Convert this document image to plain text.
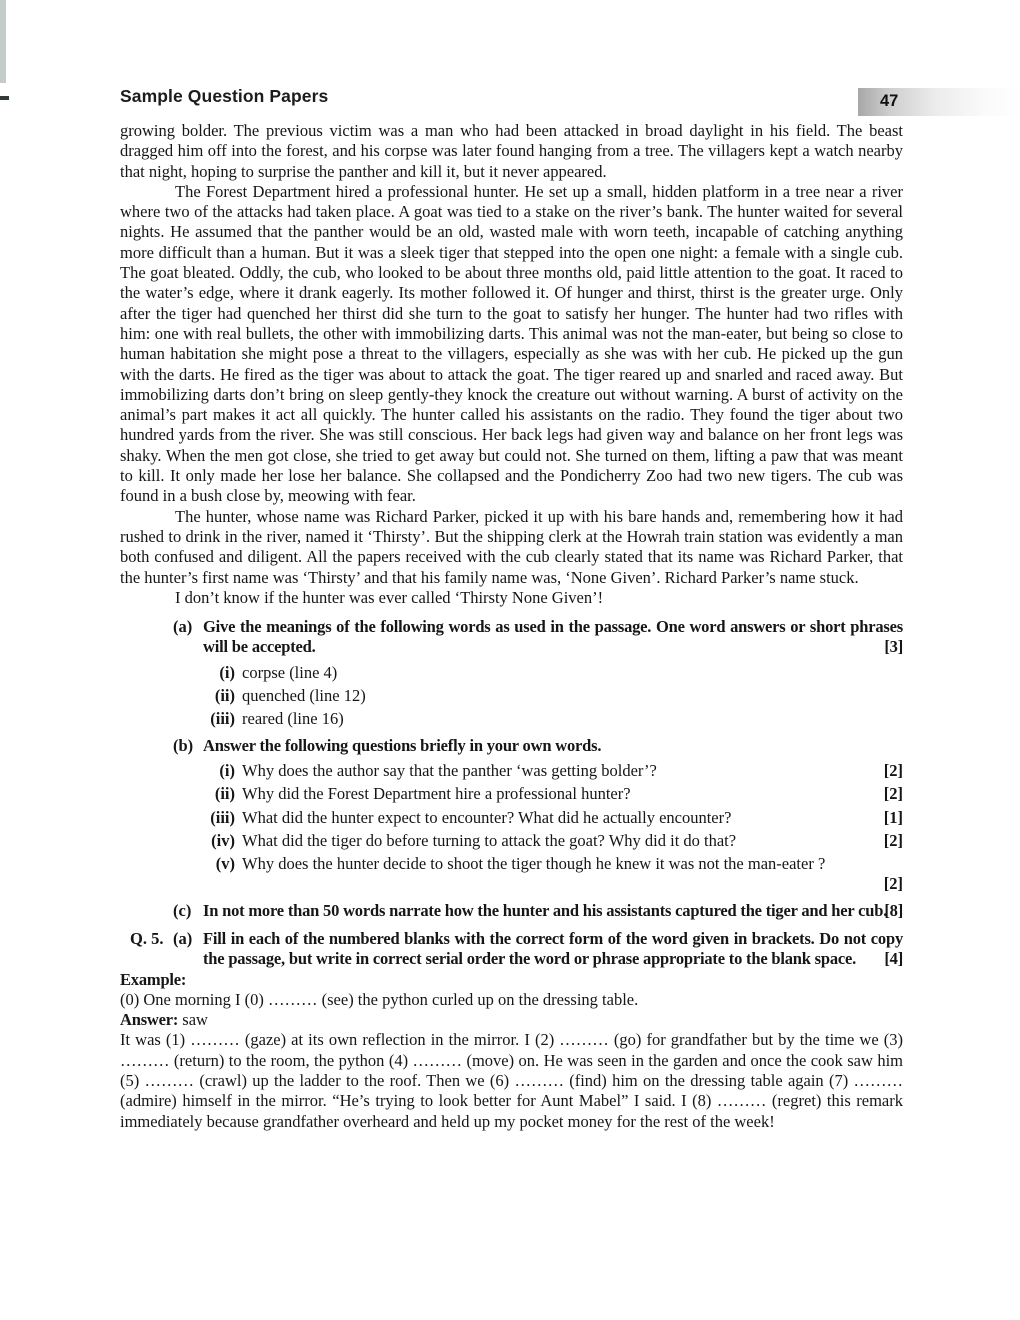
Sample Question Papers	47

growing bolder. The previous victim was a man who had been attacked in broad daylight in his field. The beast dragged him off into the forest, and his corpse was later found hanging from a tree. The villagers kept a watch nearby that night, hoping to surprise the panther and kill it, but it never appeared.

The Forest Department hired a professional hunter. He set up a small, hidden platform in a tree near a river where two of the attacks had taken place. A goat was tied to a stake on the river’s bank. The hunter waited for several nights. He assumed that the panther would be an old, wasted male with worn teeth, incapable of catching anything more difficult than a human. But it was a sleek tiger that stepped into the open one night: a female with a single cub. The goat bleated. Oddly, the cub, who looked to be about three months old, paid little attention to the goat. It raced to the water’s edge, where it drank eagerly. Its mother followed it. Of hunger and thirst, thirst is the greater urge. Only after the tiger had quenched her thirst did she turn to the goat to satisfy her hunger. The hunter had two rifles with him: one with real bullets, the other with immobilizing darts. This animal was not the man-eater, but being so close to human habitation she might pose a threat to the villagers, especially as she was with her cub. He picked up the gun with the darts. He fired as the tiger was about to attack the goat. The tiger reared up and snarled and raced away. But immobilizing darts don’t bring on sleep gently-they knock the creature out without warning. A burst of activity on the animal’s part makes it act all quickly. The hunter called his assistants on the radio. They found the tiger about two hundred yards from the river. She was still conscious. Her back legs had given way and balance on her front legs was shaky. When the men got close, she tried to get away but could not. She turned on them, lifting a paw that was meant to kill. It only made her lose her balance. She collapsed and the Pondicherry Zoo had two new tigers. The cub was found in a bush close by, meowing with fear.

The hunter, whose name was Richard Parker, picked it up with his bare hands and, remembering how it had rushed to drink in the river, named it ‘Thirsty’. But the shipping clerk at the Howrah train station was evidently a man both confused and diligent. All the papers received with the cub clearly stated that its name was Richard Parker, that the hunter’s first name was ‘Thirsty’ and that his family name was, ‘None Given’. Richard Parker’s name stuck.

I don’t know if the hunter was ever called ‘Thirsty None Given’!

(a) Give the meanings of the following words as used in the passage. One word answers or short phrases will be accepted.	[3]
(i) corpse (line 4)
(ii) quenched (line 12)
(iii) reared (line 16)
(b) Answer the following questions briefly in your own words.
(i) Why does the author say that the panther ‘was getting bolder’?	[2]
(ii) Why did the Forest Department hire a professional hunter?	[2]
(iii) What did the hunter expect to encounter? What did he actually encounter?	[1]
(iv) What did the tiger do before turning to attack the goat? Why did it do that?	[2]
(v) Why does the hunter decide to shoot the tiger though he knew it was not the man-eater ?
[2]
(c) In not more than 50 words narrate how the hunter and his assistants captured the tiger and her cub.
[8]
Q. 5. (a) Fill in each of the numbered blanks with the correct form of the word given in brackets. Do not copy the passage, but write in correct serial order the word or phrase appropriate to the blank space. [4]

Example:

(0) One morning I (0) ……… (see) the python curled up on the dressing table.

Answer: saw

It was (1) ……… (gaze) at its own reflection in the mirror. I (2) ……… (go) for grandfather but by the time we (3) ……… (return) to the room, the python (4) ……… (move) on. He was seen in the garden and once the cook saw him (5) ……… (crawl) up the ladder to the roof. Then we (6) ……… (find) him on the dressing table again (7) ……… (admire) himself in the mirror. “He’s trying to look better for Aunt Mabel” I said. I (8) ……… (regret) this remark immediately because grandfather overheard and held up my pocket money for the rest of the week!
